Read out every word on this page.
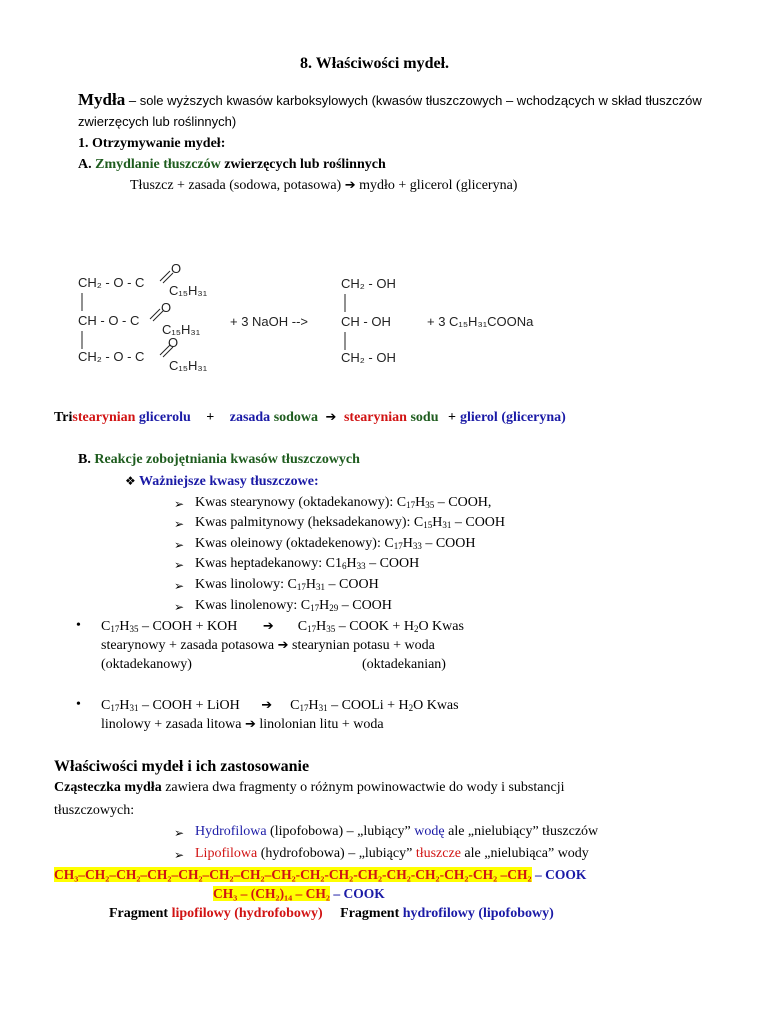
8. Właściwości mydeł.
Mydła – sole wyższych kwasów karboksylowych (kwasów tłuszczowych – wchodzących w skład tłuszczów
zwierzęcych lub roślinnych)
1. Otrzymywanie mydeł:
A. Zmydlanie tłuszczów zwierzęcych lub roślinnych
Tłuszcz + zasada (sodowa, potasowa) ➔ mydło + glicerol (gliceryna)
CH₂ - O - C
O
C₁₅H₃₁
CH - O - C
O
C₁₅H₃₁
CH₂ - O - C
O
C₁₅H₃₁
+ 3 NaOH -->
CH₂ - OH
CH - OH
CH₂ - OH
+ 3 C₁₅H₃₁COONa
Tristearynian glicerolu + zasada sodowa ➔ stearynian sodu + glierol (gliceryna)
B. Reakcje zobojętniania kwasów tłuszczowych
❖ Ważniejsze kwasy tłuszczowe:
➢ Kwas stearynowy (oktadekanowy): $C_{17}H_{35}$ – COOH,
➢ Kwas palmitynowy (heksadekanowy): $C_{15}H_{31}$ – COOH
➢ Kwas oleinowy (oktadekenowy): $C_{17}H_{33}$ – COOH
➢ Kwas heptadekanowy: $C1_6H_{33}$ – COOH
➢ Kwas linolowy: $C_{17}H_{31}$ – COOH
➢ Kwas linolenowy: $C_{17}H_{29}$ – COOH
• $C_{17}H_{35}$ – COOH + KOH ➔ $C_{17}H_{35}$ – COOK + $H_2O$ Kwas
stearynowy + zasada potasowa ➔ stearynian potasu + woda
(oktadekanowy)	(oktadekanian)
• $C_{17}H_{31}$ – COOH + LiOH ➔ $C_{17}H_{31}$ – COOLi + $H_2O$ Kwas
linolowy + zasada litowa ➔ linolonian litu + woda
Właściwości mydeł i ich zastosowanie
Cząsteczka mydła zawiera dwa fragmenty o różnym powinowactwie do wody i substancji
tłuszczowych:
➢ Hydrofilowa (lipofobowa) – „lubiący” wodę ale „nielubiący” tłuszczów
➢ Lipofilowa (hydrofobowa) – „lubiący” tłuszcze ale „nielubiąca” wody
CH₃–CH₂–CH₂–CH₂–CH₂–CH₂–CH₂–CH₂-CH₂-CH₂-CH₂-CH₂-CH₂-CH₂-CH₂ –CH₂ – COOK
CH₃ – (CH₂)₁₄ – CH₂ – COOK
Fragment lipofilowy (hydrofobowy) Fragment hydrofilowy (lipofobowy)
